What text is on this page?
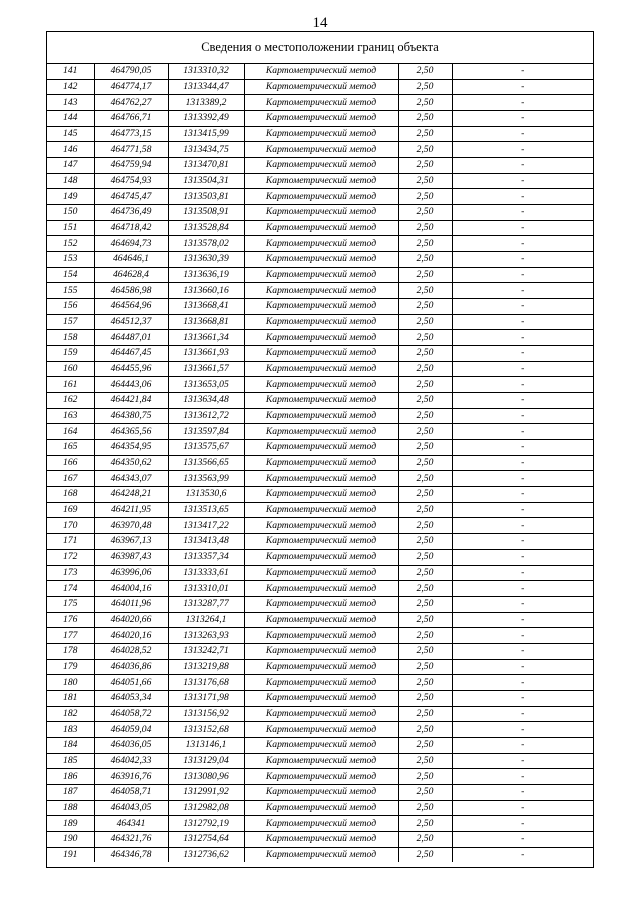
14
Сведения о местоположении границ объекта
141	464790,05	1313310,32	Картометрический метод	2,50	-
142	464774,17	1313344,47	Картометрический метод	2,50	-
143	464762,27	1313389,2	Картометрический метод	2,50	-
144	464766,71	1313392,49	Картометрический метод	2,50	-
145	464773,15	1313415,99	Картометрический метод	2,50	-
146	464771,58	1313434,75	Картометрический метод	2,50	-
147	464759,94	1313470,81	Картометрический метод	2,50	-
148	464754,93	1313504,31	Картометрический метод	2,50	-
149	464745,47	1313503,81	Картометрический метод	2,50	-
150	464736,49	1313508,91	Картометрический метод	2,50	-
151	464718,42	1313528,84	Картометрический метод	2,50	-
152	464694,73	1313578,02	Картометрический метод	2,50	-
153	464646,1	1313630,39	Картометрический метод	2,50	-
154	464628,4	1313636,19	Картометрический метод	2,50	-
155	464586,98	1313660,16	Картометрический метод	2,50	-
156	464564,96	1313668,41	Картометрический метод	2,50	-
157	464512,37	1313668,81	Картометрический метод	2,50	-
158	464487,01	1313661,34	Картометрический метод	2,50	-
159	464467,45	1313661,93	Картометрический метод	2,50	-
160	464455,96	1313661,57	Картометрический метод	2,50	-
161	464443,06	1313653,05	Картометрический метод	2,50	-
162	464421,84	1313634,48	Картометрический метод	2,50	-
163	464380,75	1313612,72	Картометрический метод	2,50	-
164	464365,56	1313597,84	Картометрический метод	2,50	-
165	464354,95	1313575,67	Картометрический метод	2,50	-
166	464350,62	1313566,65	Картометрический метод	2,50	-
167	464343,07	1313563,99	Картометрический метод	2,50	-
168	464248,21	1313530,6	Картометрический метод	2,50	-
169	464211,95	1313513,65	Картометрический метод	2,50	-
170	463970,48	1313417,22	Картометрический метод	2,50	-
171	463967,13	1313413,48	Картометрический метод	2,50	-
172	463987,43	1313357,34	Картометрический метод	2,50	-
173	463996,06	1313333,61	Картометрический метод	2,50	-
174	464004,16	1313310,01	Картометрический метод	2,50	-
175	464011,96	1313287,77	Картометрический метод	2,50	-
176	464020,66	1313264,1	Картометрический метод	2,50	-
177	464020,16	1313263,93	Картометрический метод	2,50	-
178	464028,52	1313242,71	Картометрический метод	2,50	-
179	464036,86	1313219,88	Картометрический метод	2,50	-
180	464051,66	1313176,68	Картометрический метод	2,50	-
181	464053,34	1313171,98	Картометрический метод	2,50	-
182	464058,72	1313156,92	Картометрический метод	2,50	-
183	464059,04	1313152,68	Картометрический метод	2,50	-
184	464036,05	1313146,1	Картометрический метод	2,50	-
185	464042,33	1313129,04	Картометрический метод	2,50	-
186	463916,76	1313080,96	Картометрический метод	2,50	-
187	464058,71	1312991,92	Картометрический метод	2,50	-
188	464043,05	1312982,08	Картометрический метод	2,50	-
189	464341	1312792,19	Картометрический метод	2,50	-
190	464321,76	1312754,64	Картометрический метод	2,50	-
191	464346,78	1312736,62	Картометрический метод	2,50	-
